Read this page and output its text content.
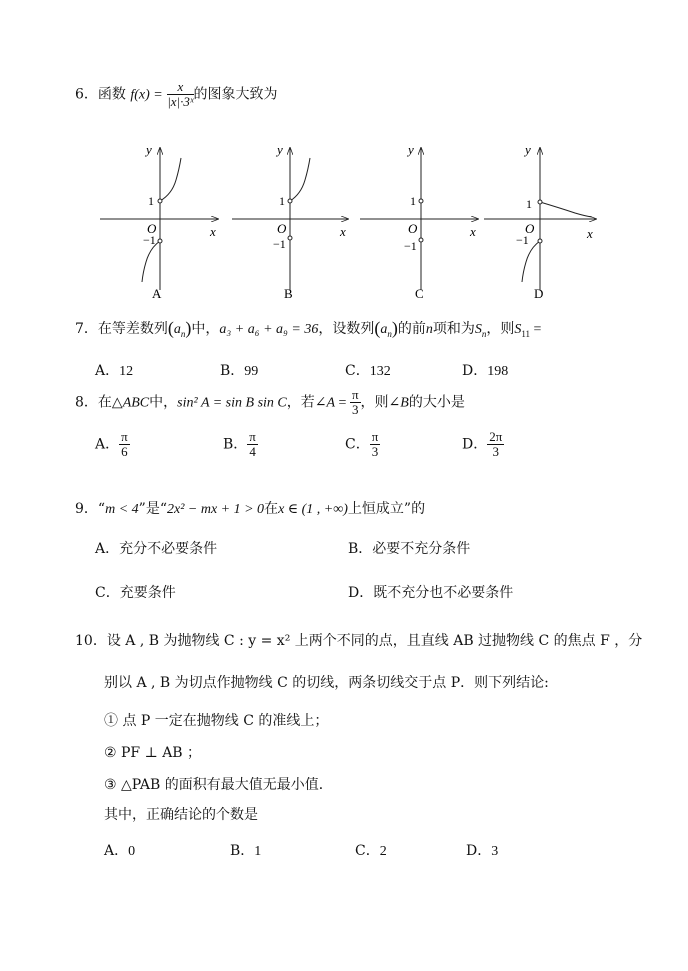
6．函数 $f(x) = \frac{x}{\text{|x|·3ˣ}}$ 的图象大致为
y
x
O
1
−1
A
y
x
O
1
−1
B
y
x
O
1
−1
C
y
x
O
1
−1
D
7．在等差数列$(a_n)$中，a₃ + a₆ + a₉ = 36，设数列$(a_n)$的前n项和为$S_n$，则$S_{11}$ =
A．12	B．99	C．132	D．198
8．在△ABC中，sin² A = sin B sin C，若∠A = $\frac{\pi}{3}$ ，则∠B的大小是
A． $\frac{\pi}{6}$	B． $\frac{\pi}{4}$	C． $\frac{\pi}{3}$	D． $\frac{2\pi}{3}$
9．“m < 4”是“2x² − mx + 1 > 0在x ∈ (1 , +∞)上恒成立”的
A．充分不必要条件	B．必要不充分条件
C．充要条件	D．既不充分也不必要条件
10．设 A , B 为抛物线 C : y = x² 上两个不同的点，且直线 AB 过抛物线 C 的焦点 F ，分
别以 A , B 为切点作抛物线 C 的切线，两条切线交于点 P．则下列结论:
① 点 P 一定在抛物线 C 的准线上；
② PF ⊥ AB ；
③ △PAB 的面积有最大值无最小值．
其中，正确结论的个数是
A．0	B．1	C．2	D．3
